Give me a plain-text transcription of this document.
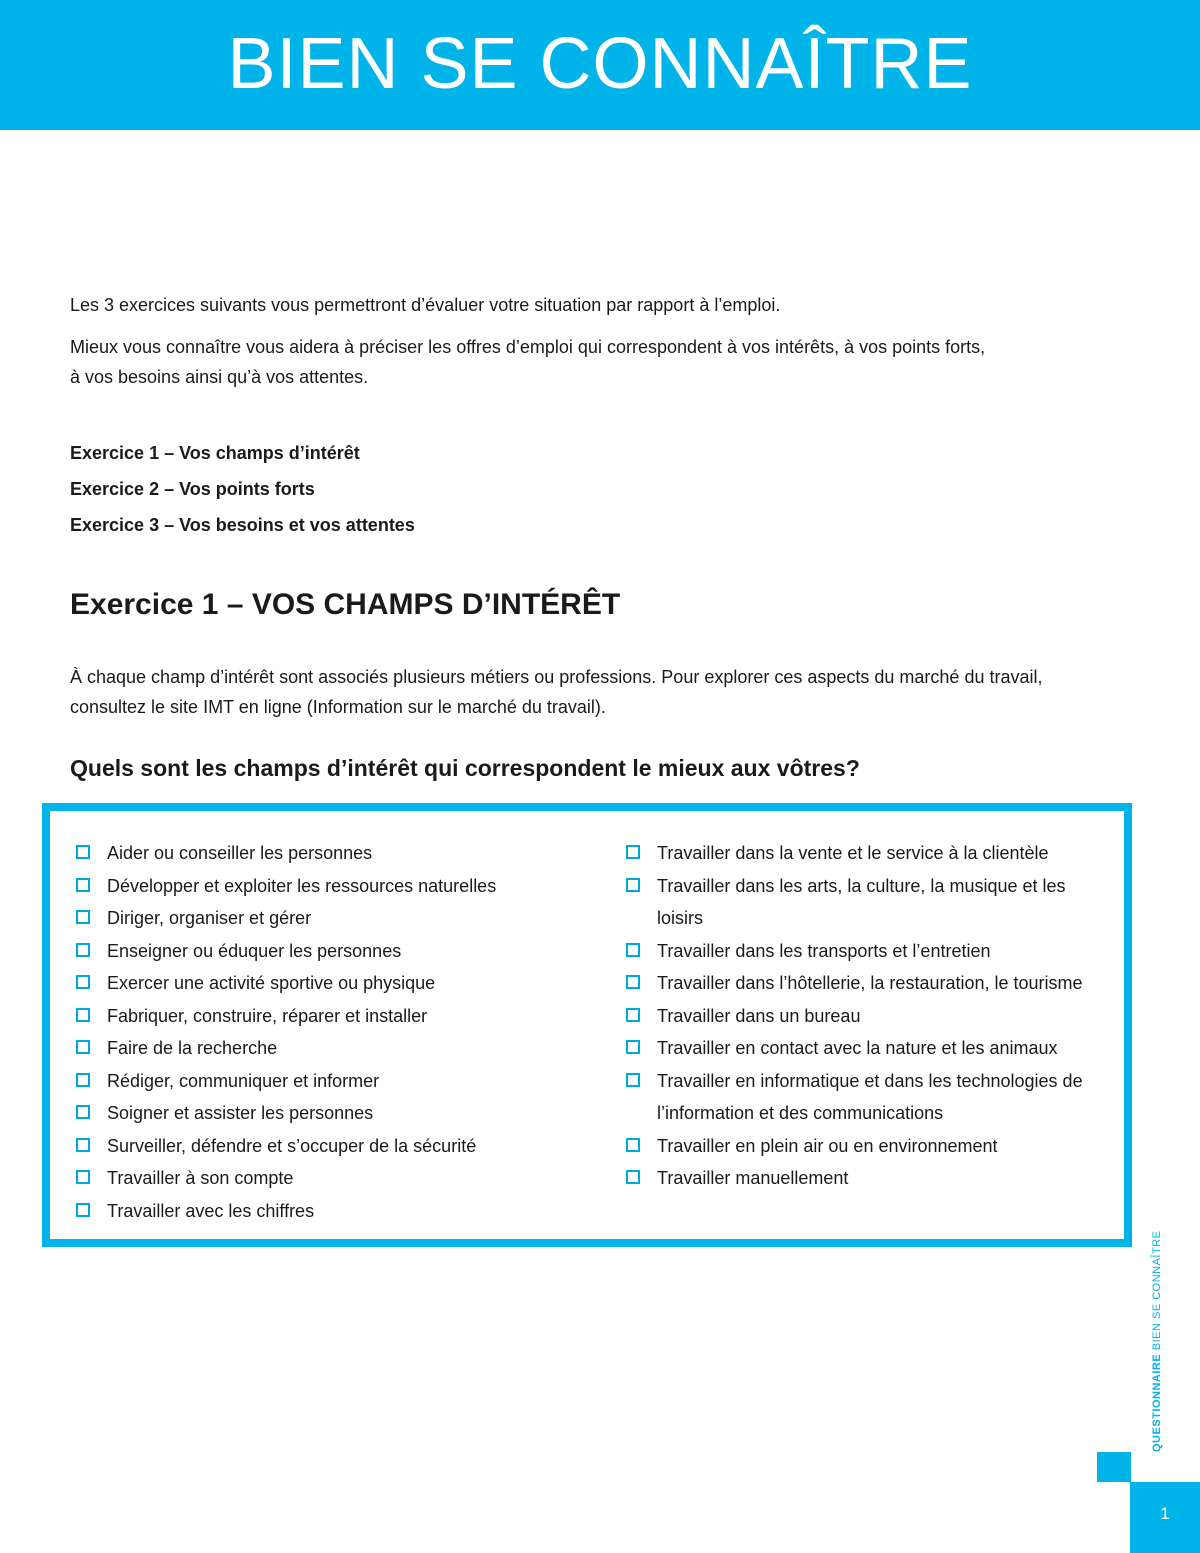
BIEN SE CONNAÎTRE

Les 3 exercices suivants vous permettront d’évaluer votre situation par rapport à l’emploi.

Mieux vous connaître vous aidera à préciser les offres d’emploi qui correspondent à vos intérêts, à vos points forts,
à vos besoins ainsi qu’à vos attentes.

Exercice 1 – Vos champs d’intérêt
Exercice 2 – Vos points forts
Exercice 3 – Vos besoins et vos attentes
Exercice 1 – VOS CHAMPS D’INTÉRÊT

À chaque champ d’intérêt sont associés plusieurs métiers ou professions. Pour explorer ces aspects du marché du travail,
consultez le site IMT en ligne (Information sur le marché du travail).

Quels sont les champs d’intérêt qui correspondent le mieux aux vôtres?
Aider ou conseiller les personnes
Développer et exploiter les ressources naturelles
Diriger, organiser et gérer
Enseigner ou éduquer les personnes
Exercer une activité sportive ou physique
Fabriquer, construire, réparer et installer
Faire de la recherche
Rédiger, communiquer et informer
Soigner et assister les personnes
Surveiller, défendre et s’occuper de la sécurité
Travailler à son compte
Travailler avec les chiffres
Travailler dans la vente et le service à la clientèle
Travailler dans les arts, la culture, la musique et les loisirs
Travailler dans les transports et l’entretien
Travailler dans l’hôtellerie, la restauration, le tourisme
Travailler dans un bureau
Travailler en contact avec la nature et les animaux
Travailler en informatique et dans les technologies de l’information et des communications
Travailler en plein air ou en environnement
Travailler manuellement
QUESTIONNAIRE BIEN SE CONNAÎTRE
1
